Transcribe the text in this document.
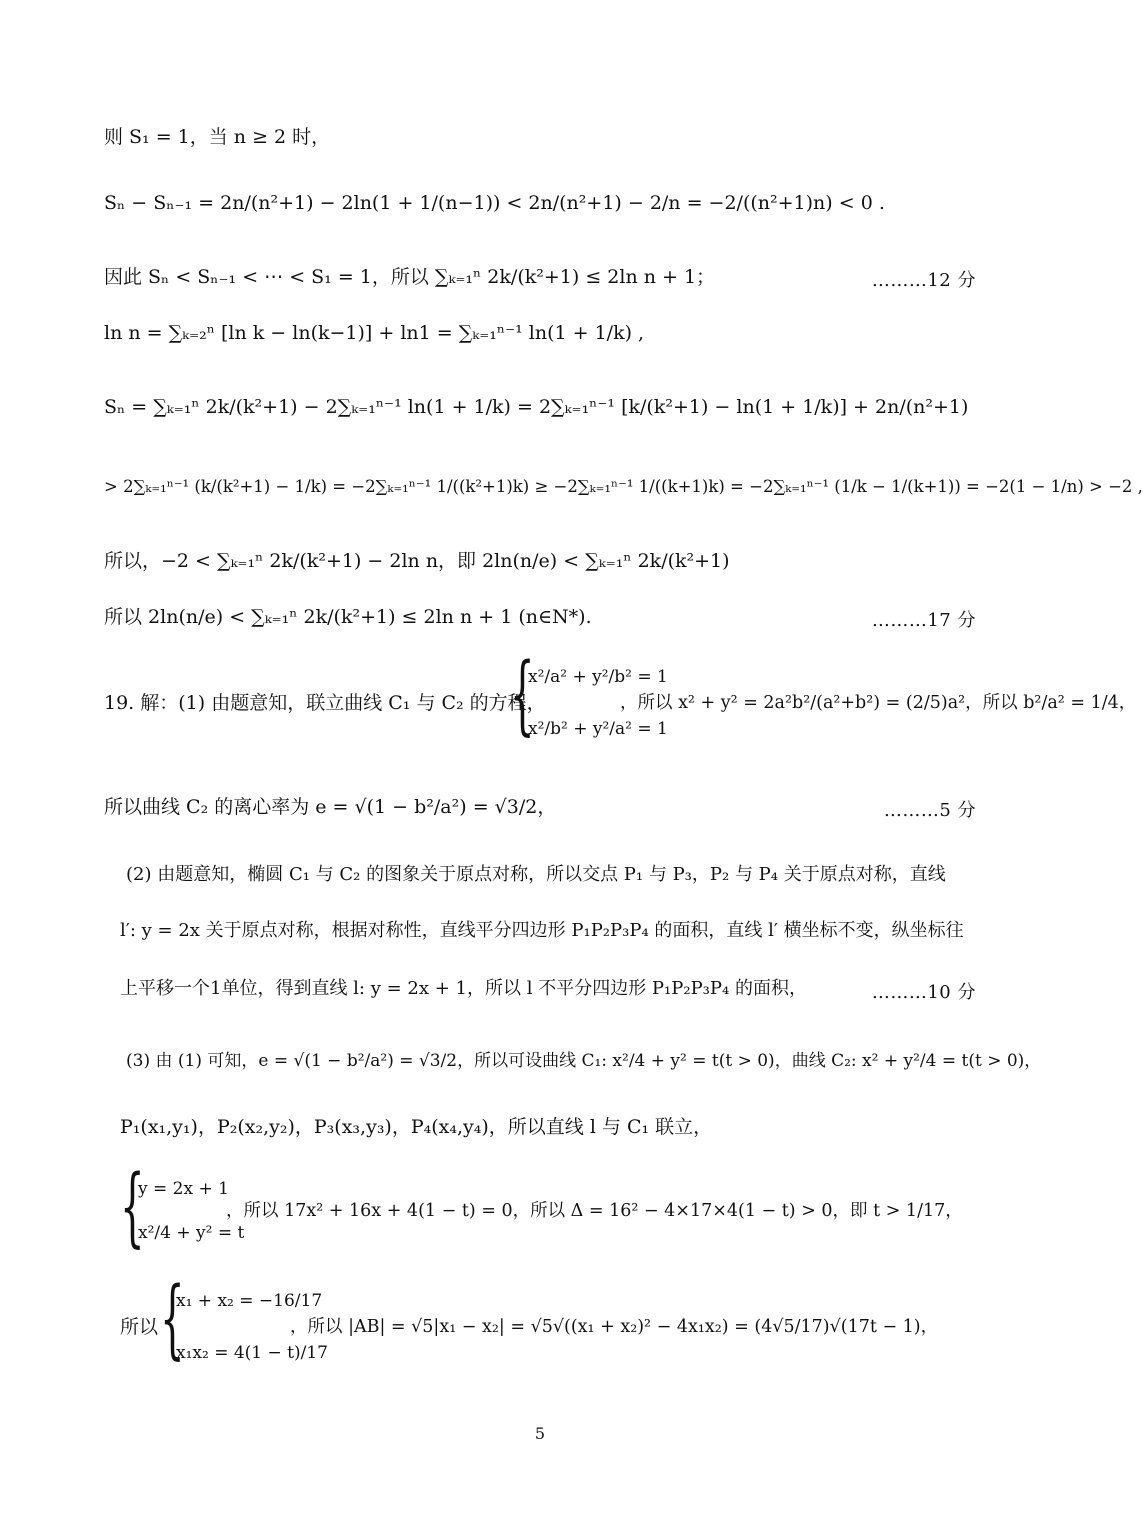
则 S₁ = 1，当 n ≥ 2 时，
Sₙ − Sₙ₋₁ = 2n/(n²+1) − 2ln(1 + 1/(n−1)) < 2n/(n²+1) − 2/n = −2/((n²+1)n) < 0 .
因此 Sₙ < Sₙ₋₁ < ⋯ < S₁ = 1，所以 ∑ₖ₌₁ⁿ 2k/(k²+1) ≤ 2ln n + 1；	………12 分
ln n = ∑ₖ₌₂ⁿ [ln k − ln(k−1)] + ln1 = ∑ₖ₌₁ⁿ⁻¹ ln(1 + 1/k) ,
Sₙ = ∑ₖ₌₁ⁿ 2k/(k²+1) − 2∑ₖ₌₁ⁿ⁻¹ ln(1 + 1/k) = 2∑ₖ₌₁ⁿ⁻¹ [k/(k²+1) − ln(1 + 1/k)] + 2n/(n²+1)
> 2∑ₖ₌₁ⁿ⁻¹ (k/(k²+1) − 1/k) = −2∑ₖ₌₁ⁿ⁻¹ 1/((k²+1)k) ≥ −2∑ₖ₌₁ⁿ⁻¹ 1/((k+1)k) = −2∑ₖ₌₁ⁿ⁻¹ (1/k − 1/(k+1)) = −2(1 − 1/n) > −2 ,
所以，−2 < ∑ₖ₌₁ⁿ 2k/(k²+1) − 2ln n，即 2ln(n/e) < ∑ₖ₌₁ⁿ 2k/(k²+1)
所以 2ln(n/e) < ∑ₖ₌₁ⁿ 2k/(k²+1) ≤ 2ln n + 1 (n∈N*).	………17 分
19. 解：(1) 由题意知，联立曲线 C₁ 与 C₂ 的方程，
{
x²/a² + y²/b² = 1
x²/b² + y²/a² = 1
，所以 x² + y² = 2a²b²/(a²+b²) = (2/5)a²，所以 b²/a² = 1/4，
所以曲线 C₂ 的离心率为 e = √(1 − b²/a²) = √3/2，	………5 分
(2) 由题意知，椭圆 C₁ 与 C₂ 的图象关于原点对称，所以交点 P₁ 与 P₃，P₂ 与 P₄ 关于原点对称，直线
l′: y = 2x 关于原点对称，根据对称性，直线平分四边形 P₁P₂P₃P₄ 的面积，直线 l′ 横坐标不变，纵坐标往
上平移一个1单位，得到直线 l: y = 2x + 1，所以 l 不平分四边形 P₁P₂P₃P₄ 的面积，	………10 分
(3) 由 (1) 可知，e = √(1 − b²/a²) = √3/2，所以可设曲线 C₁: x²/4 + y² = t(t > 0)，曲线 C₂: x² + y²/4 = t(t > 0)，
P₁(x₁,y₁)，P₂(x₂,y₂)，P₃(x₃,y₃)，P₄(x₄,y₄)，所以直线 l 与 C₁ 联立，
{
y = 2x + 1
x²/4 + y² = t
，所以 17x² + 16x + 4(1 − t) = 0，所以 Δ = 16² − 4×17×4(1 − t) > 0，即 t > 1/17，
所以 {
x₁ + x₂ = −16/17
x₁x₂ = 4(1 − t)/17
，所以 |AB| = √5|x₁ − x₂| = √5√((x₁ + x₂)² − 4x₁x₂) = (4√5/17)√(17t − 1)，
5
